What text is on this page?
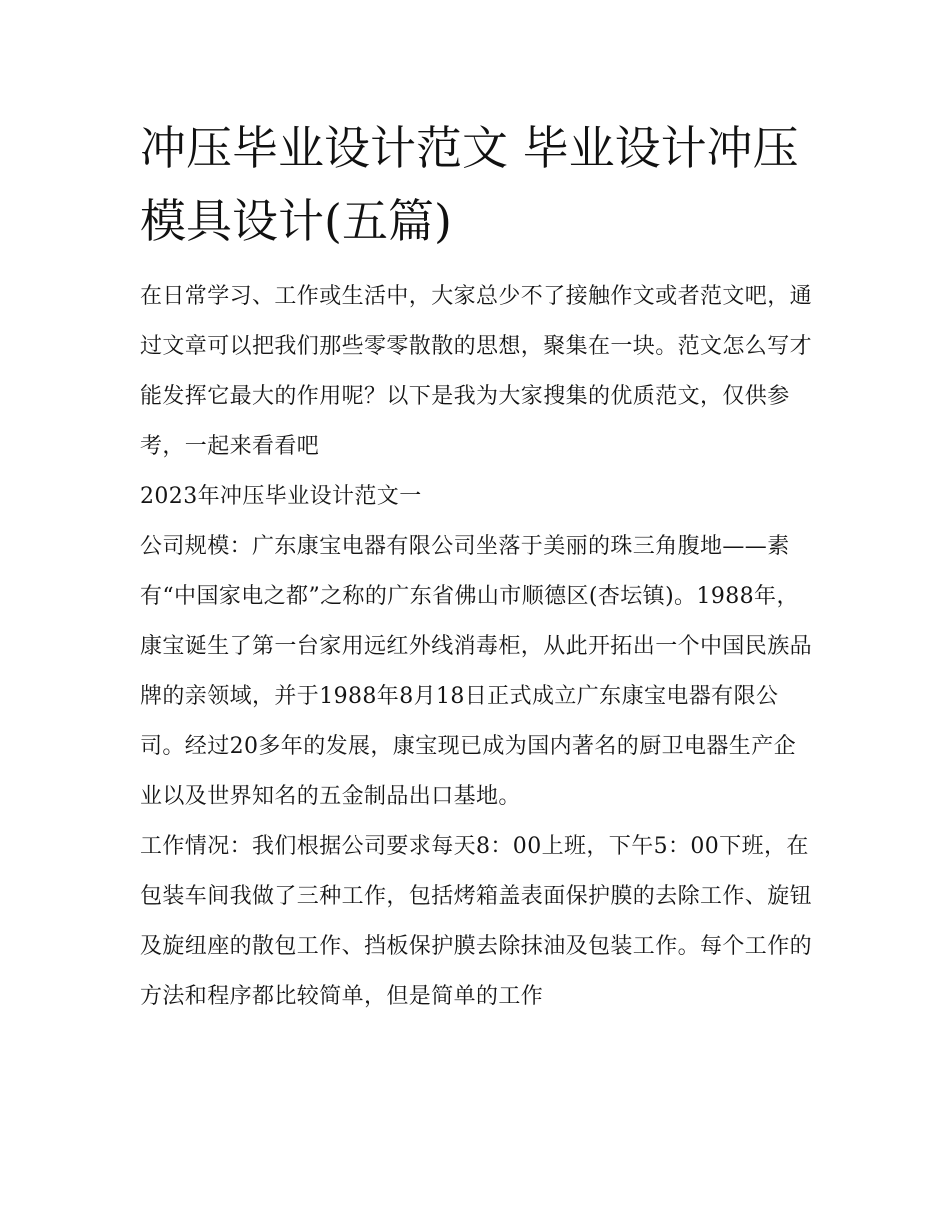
冲压毕业设计范文 毕业设计冲压模具设计(五篇)

在日常学习、工作或生活中，大家总少不了接触作文或者范文吧，通过文章可以把我们那些零零散散的思想，聚集在一块。范文怎么写才能发挥它最大的作用呢？以下是我为大家搜集的优质范文，仅供参考，一起来看看吧

2023年冲压毕业设计范文一

公司规模：广东康宝电器有限公司坐落于美丽的珠三角腹地——素有“中国家电之都”之称的广东省佛山市顺德区(杏坛镇)。1988年，康宝诞生了第一台家用远红外线消毒柜，从此开拓出一个中国民族品牌的亲领域，并于1988年8月18日正式成立广东康宝电器有限公司。经过20多年的发展，康宝现已成为国内著名的厨卫电器生产企业以及世界知名的五金制品出口基地。

工作情况：我们根据公司要求每天8：00上班，下午5：00下班，在包装车间我做了三种工作，包括烤箱盖表面保护膜的去除工作、旋钮及旋纽座的散包工作、挡板保护膜去除抹油及包装工作。每个工作的方法和程序都比较简单，但是简单的工作
